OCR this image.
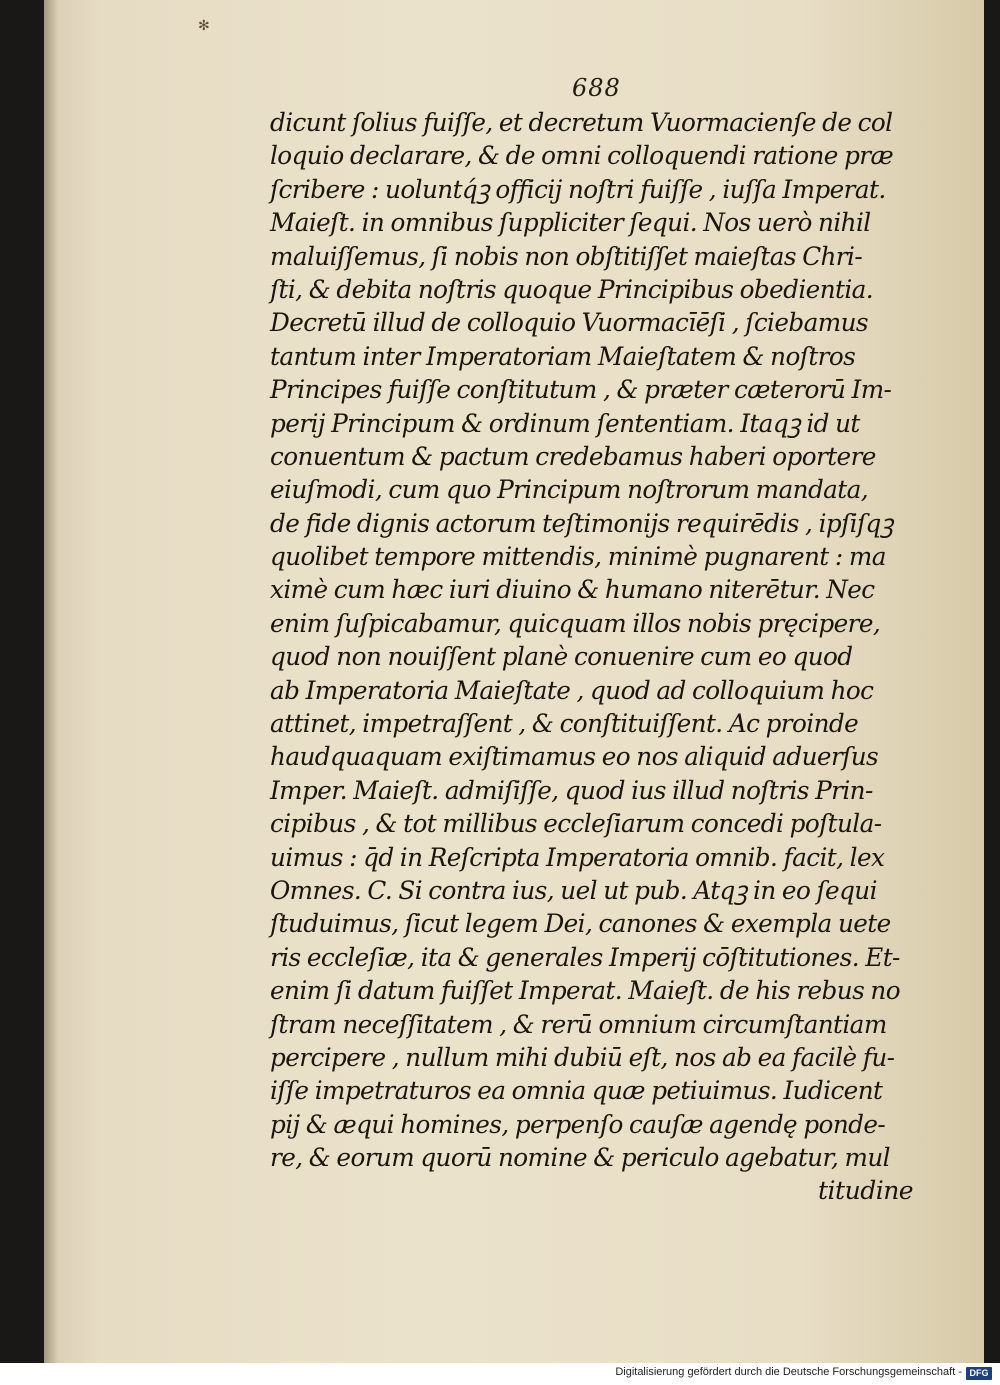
✻
688
dicunt ſolius fuiſſe, et decretum Vuormacienſe de col
loquio declarare, & de omni colloquendi ratione præ
ſcribere : uoluntq́ꝫ officij noſtri fuiſſe , iuſſa Imperat.
Maieſt. in omnibus ſuppliciter ſequi. Nos uerò nihil
maluiſſemus, ſi nobis non obſtitiſſet maieſtas Chri-
ſti, & debita noſtris quoque Principibus obedientia.
Decretū illud de colloquio Vuormacīēſi , ſciebamus
tantum inter Imperatoriam Maieſtatem & noſtros
Principes fuiſſe conſtitutum , & præter cæterorū Im-
perij Principum & ordinum ſententiam. Itaqꝫ id ut
conuentum & pactum credebamus haberi oportere
eiuſmodi, cum quo Principum noſtrorum mandata,
de fide dignis actorum teſtimonijs requirēdis , ipſiſqꝫ
quolibet tempore mittendis, minimè pugnarent : ma
ximè cum hæc iuri diuino & humano niterētur. Nec
enim ſuſpicabamur, quicquam illos nobis pręcipere,
quod non nouiſſent planè conuenire cum eo quod
ab Imperatoria Maieſtate , quod ad colloquium hoc
attinet, impetraſſent , & conſtituiſſent. Ac proinde
haudquaquam exiſtimamus eo nos aliquid aduerſus
Imper. Maieſt. admiſiſſe, quod ius illud noſtris Prin-
cipibus , & tot millibus eccleſiarum concedi poſtula-
uimus : q̄d in Reſcripta Imperatoria omnib. facit, lex
Omnes. C. Si contra ius, uel ut pub. Atqꝫ in eo ſequi
ſtuduimus, ſicut legem Dei, canones & exempla uete
ris eccleſiæ, ita & generales Imperij cōſtitutiones. Et-
enim ſi datum fuiſſet Imperat. Maieſt. de his rebus no
ſtram neceſſitatem , & rerū omnium circumſtantiam
percipere , nullum mihi dubiū eſt, nos ab ea facilè fu-
iſſe impetraturos ea omnia quæ petiuimus. Iudicent
pij & æqui homines, perpenſo cauſæ agendę ponde-
re, & eorum quorū nomine & periculo agebatur, mul
titudine
Digitalisierung gefördert durch die Deutsche Forschungsgemeinschaft - DFG
